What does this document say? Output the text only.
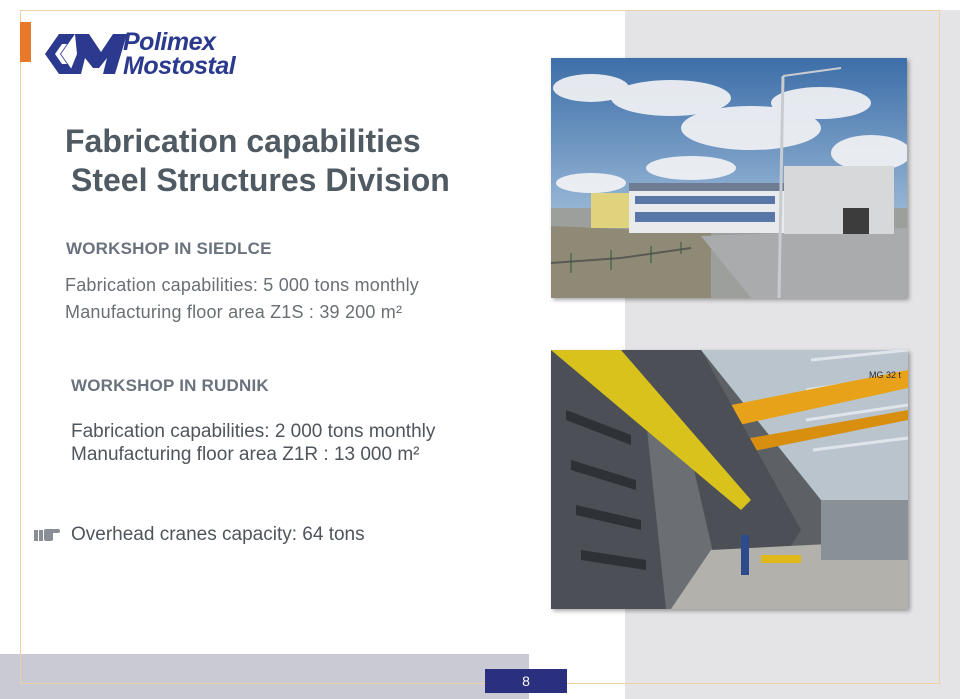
Polimex
Mostostal
Fabrication capabilities
Steel Structures Division
WORKSHOP IN SIEDLCE
Fabrication capabilities: 5 000 tons monthly
Manufacturing floor area Z1S : 39 200 m²
WORKSHOP IN RUDNIK
Fabrication capabilities: 2 000 tons monthly
Manufacturing floor area Z1R : 13 000 m²
Overhead cranes capacity: 64 tons
MG 32 t
8
